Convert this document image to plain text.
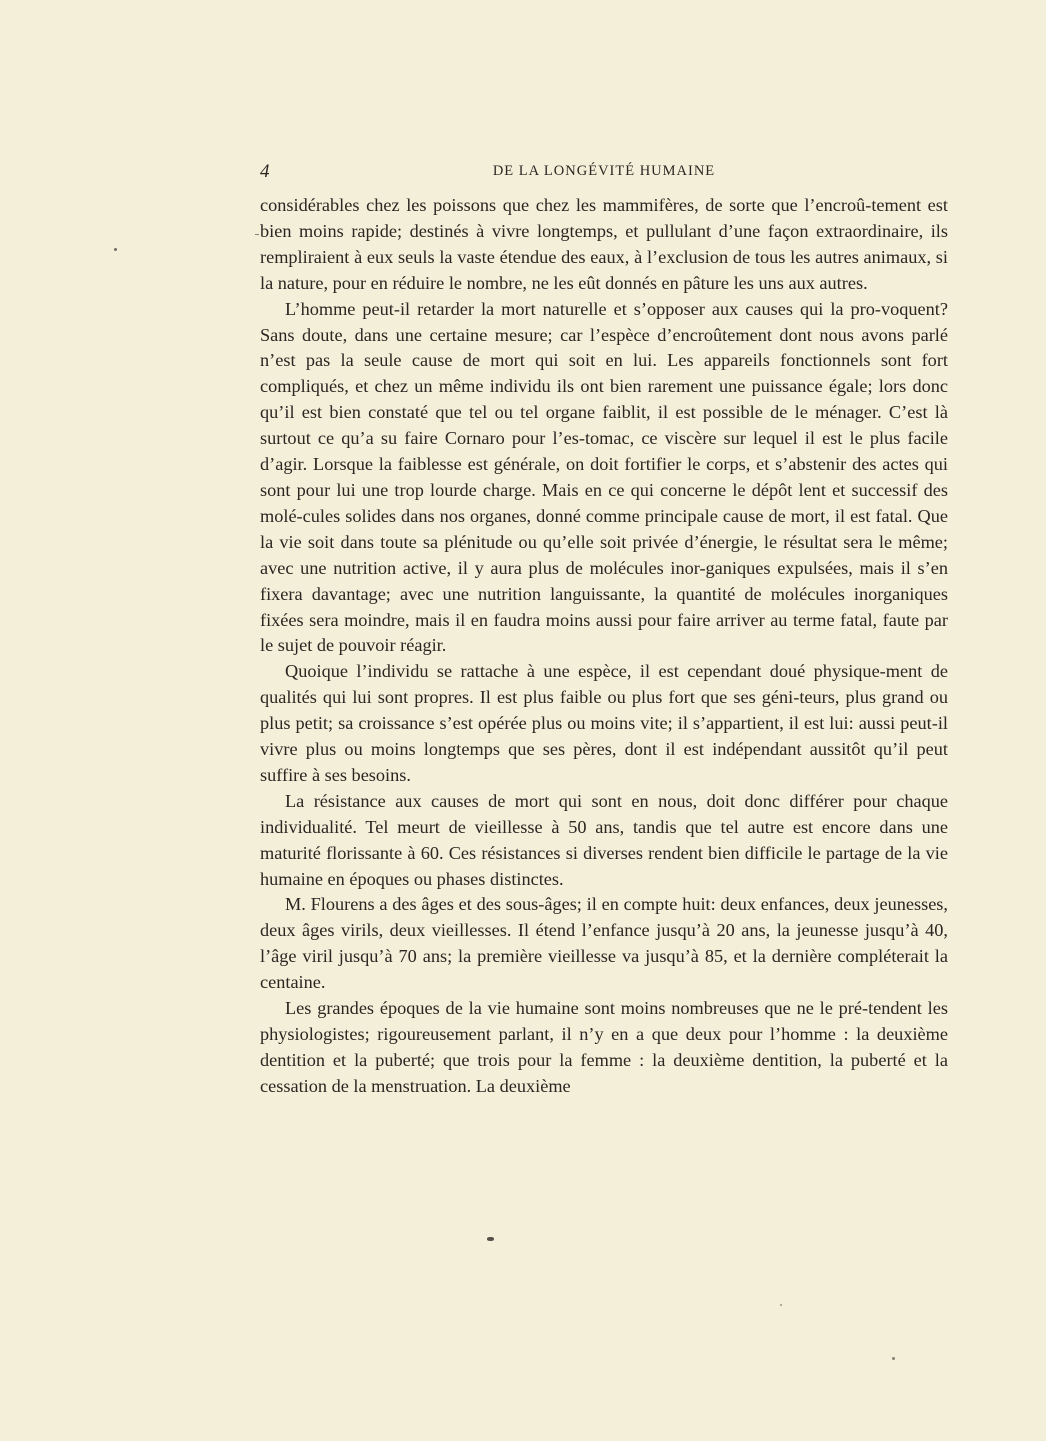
4	DE LA LONGÉVITÉ HUMAINE

considérables chez les poissons que chez les mammifères, de sorte que l’encroû-tement est bien moins rapide; destinés à vivre longtemps, et pullulant d’une façon extraordinaire, ils rempliraient à eux seuls la vaste étendue des eaux, à l’exclusion de tous les autres animaux, si la nature, pour en réduire le nombre, ne les eût donnés en pâture les uns aux autres.

L’homme peut-il retarder la mort naturelle et s’opposer aux causes qui la pro-voquent? Sans doute, dans une certaine mesure; car l’espèce d’encroûtement dont nous avons parlé n’est pas la seule cause de mort qui soit en lui. Les appareils fonctionnels sont fort compliqués, et chez un même individu ils ont bien rarement une puissance égale; lors donc qu’il est bien constaté que tel ou tel organe faiblit, il est possible de le ménager. C’est là surtout ce qu’a su faire Cornaro pour l’es-tomac, ce viscère sur lequel il est le plus facile d’agir. Lorsque la faiblesse est générale, on doit fortifier le corps, et s’abstenir des actes qui sont pour lui une trop lourde charge. Mais en ce qui concerne le dépôt lent et successif des molé-cules solides dans nos organes, donné comme principale cause de mort, il est fatal. Que la vie soit dans toute sa plénitude ou qu’elle soit privée d’énergie, le résultat sera le même; avec une nutrition active, il y aura plus de molécules inor-ganiques expulsées, mais il s’en fixera davantage; avec une nutrition languissante, la quantité de molécules inorganiques fixées sera moindre, mais il en faudra moins aussi pour faire arriver au terme fatal, faute par le sujet de pouvoir réagir.

Quoique l’individu se rattache à une espèce, il est cependant doué physique-ment de qualités qui lui sont propres. Il est plus faible ou plus fort que ses géni-teurs, plus grand ou plus petit; sa croissance s’est opérée plus ou moins vite; il s’appartient, il est lui: aussi peut-il vivre plus ou moins longtemps que ses pères, dont il est indépendant aussitôt qu’il peut suffire à ses besoins.

La résistance aux causes de mort qui sont en nous, doit donc différer pour chaque individualité. Tel meurt de vieillesse à 50 ans, tandis que tel autre est encore dans une maturité florissante à 60. Ces résistances si diverses rendent bien difficile le partage de la vie humaine en époques ou phases distinctes.

M. Flourens a des âges et des sous-âges; il en compte huit: deux enfances, deux jeunesses, deux âges virils, deux vieillesses. Il étend l’enfance jusqu’à 20 ans, la jeunesse jusqu’à 40, l’âge viril jusqu’à 70 ans; la première vieillesse va jusqu’à 85, et la dernière compléterait la centaine.

Les grandes époques de la vie humaine sont moins nombreuses que ne le pré-tendent les physiologistes; rigoureusement parlant, il n’y en a que deux pour l’homme : la deuxième dentition et la puberté; que trois pour la femme : la deuxième dentition, la puberté et la cessation de la menstruation. La deuxième
